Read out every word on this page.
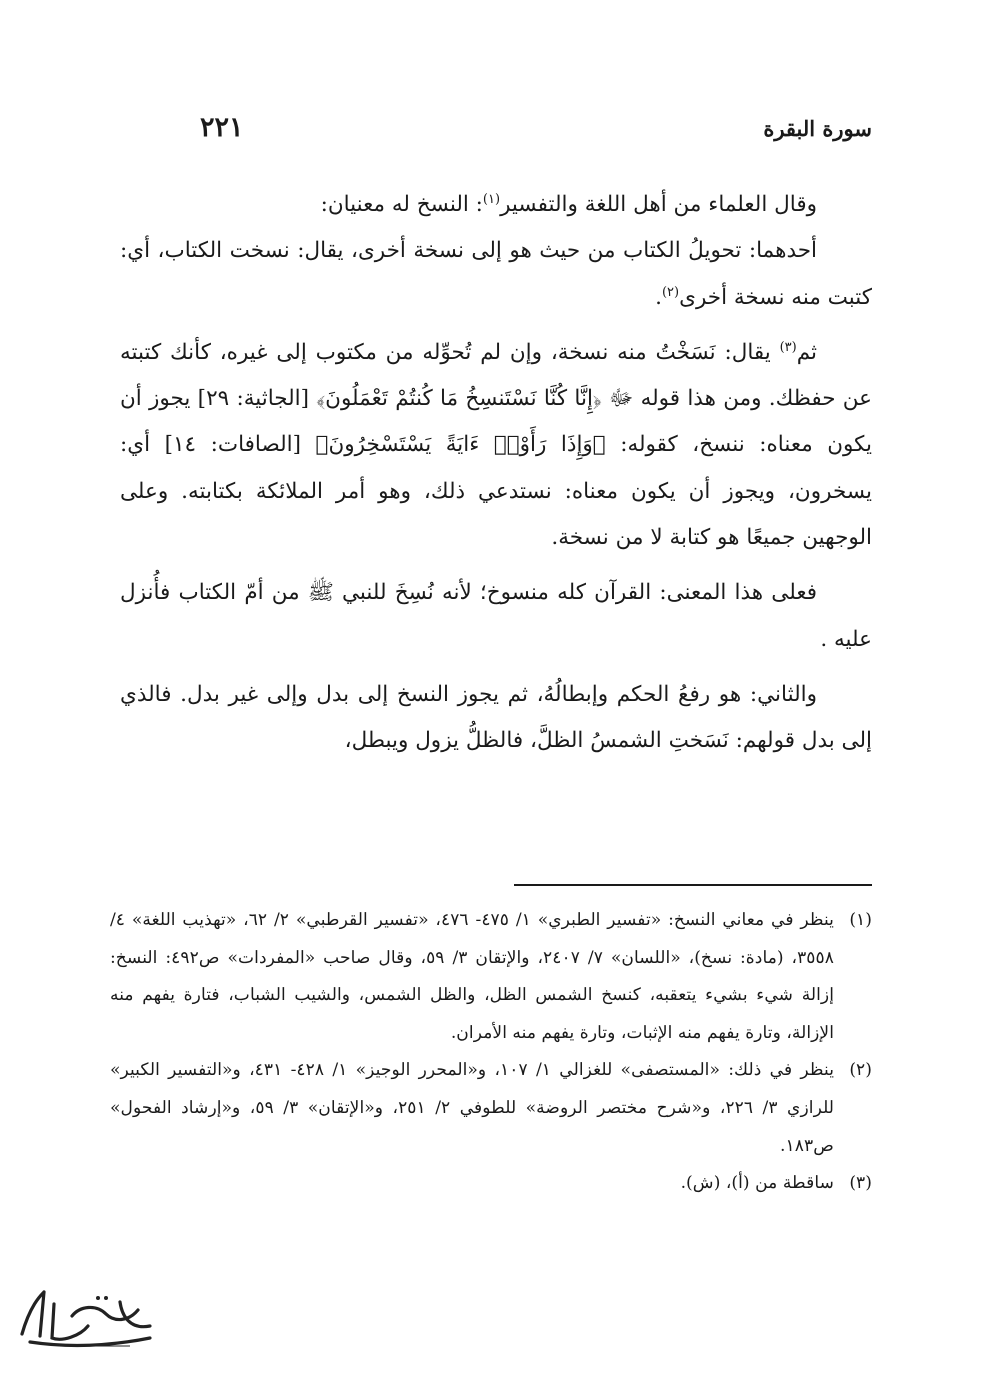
سورة البقرة
٢٢١

وقال العلماء من أهل اللغة والتفسير$^{(١)}$: النسخ له معنيان:

أحدهما: تحويلُ الكتاب من حيث هو إلى نسخة أخرى، يقال: نسخت الكتاب، أي: كتبت منه نسخة أخرى$^{(٢)}$.

ثم$^{(٣)}$ يقال: نَسَخْتُ منه نسخة، وإن لم تُحوِّله من مكتوب إلى غيره، كأنك كتبته عن حفظك. ومن هذا قوله ﷻ ﴿إِنَّا كُنَّا نَسْتَنسِخُ مَا كُنتُمْ تَعْمَلُونَ﴾ [الجاثية: ٢٩] يجوز أن يكون معناه: ننسخ، كقوله: ﴿وَإِذَا رَأَوْا۟ ءَايَةً يَسْتَسْخِرُونَ﴾ [الصافات: ١٤] أي: يسخرون، ويجوز أن يكون معناه: نستدعي ذلك، وهو أمر الملائكة بكتابته. وعلى الوجهين جميعًا هو كتابة لا من نسخة.

فعلى هذا المعنى: القرآن كله منسوخ؛ لأنه نُسِخَ للنبي ﷺ من أمّ الكتاب فأُنزل عليه .

والثاني: هو رفعُ الحكم وإبطالُهُ، ثم يجوز النسخ إلى بدل وإلى غير بدل. فالذي إلى بدل قولهم: نَسَختِ الشمسُ الظلَّ، فالظلُّ يزول ويبطل،

(١)
ينظر في معاني النسخ: «تفسير الطبري» ١/ ٤٧٥- ٤٧٦، «تفسير القرطبي» ٢/ ٦٢، «تهذيب اللغة» ٤/ ٣٥٥٨، (مادة: نسخ)، «اللسان» ٧/ ٢٤٠٧، والإتقان ٣/ ٥٩، وقال صاحب «المفردات» ص٤٩٢: النسخ: إزالة شيء بشيء يتعقبه، كنسخ الشمس الظل، والظل الشمس، والشيب الشباب، فتارة يفهم منه الإزالة، وتارة يفهم منه الإثبات، وتارة يفهم منه الأمران.
(٢)
ينظر في ذلك: «المستصفى» للغزالي ١/ ١٠٧، و«المحرر الوجيز» ١/ ٤٢٨- ٤٣١، و«التفسير الكبير» للرازي ٣/ ٢٢٦، و«شرح مختصر الروضة» للطوفي ٢/ ٢٥١، و«الإتقان» ٣/ ٥٩، و«إرشاد الفحول» ص١٨٣.
(٣)
ساقطة من (أ)، (ش).
